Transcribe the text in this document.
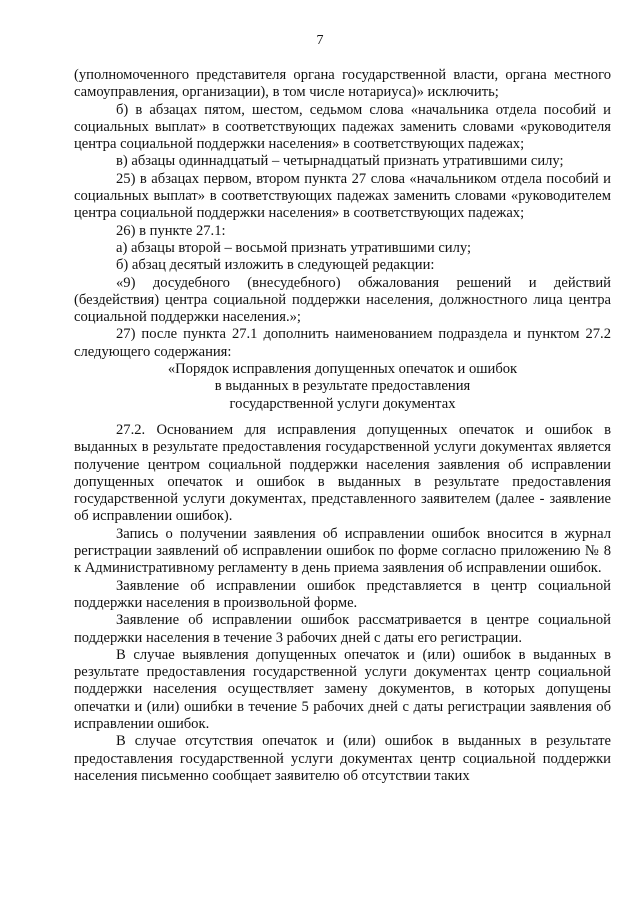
7

(уполномоченного представителя органа государственной власти, органа местного самоуправления, организации), в том числе нотариуса)» исключить;

б) в абзацах пятом, шестом, седьмом слова «начальника отдела пособий и социальных выплат» в соответствующих падежах заменить словами «руководителя центра социальной поддержки населения» в соответствующих падежах;

в) абзацы одиннадцатый – четырнадцатый признать утратившими силу;

25) в абзацах первом, втором пункта 27 слова «начальником отдела пособий и социальных выплат» в соответствующих падежах заменить словами «руководителем центра социальной поддержки населения» в соответствующих падежах;

26) в пункте 27.1:

а) абзацы второй – восьмой признать утратившими силу;

б) абзац десятый изложить в следующей редакции:

«9) досудебного (внесудебного) обжалования решений и действий (бездействия) центра социальной поддержки населения, должностного лица центра социальной поддержки населения.»;

27) после пункта 27.1 дополнить наименованием подраздела и пунктом 27.2 следующего содержания:

«Порядок исправления допущенных опечаток и ошибок

в выданных в результате предоставления

государственной услуги документах

27.2. Основанием для исправления допущенных опечаток и ошибок в выданных в результате предоставления государственной услуги документах является получение центром социальной поддержки населения заявления об исправлении допущенных опечаток и ошибок в выданных в результате предоставления государственной услуги документах, представленного заявителем (далее - заявление об исправлении ошибок).

Запись о получении заявления об исправлении ошибок вносится в журнал регистрации заявлений об исправлении ошибок по форме согласно приложению № 8 к Административному регламенту в день приема заявления об исправлении ошибок.

Заявление об исправлении ошибок представляется в центр социальной поддержки населения в произвольной форме.

Заявление об исправлении ошибок рассматривается в центре социальной поддержки населения в течение 3 рабочих дней с даты его регистрации.

В случае выявления допущенных опечаток и (или) ошибок в выданных в результате предоставления государственной услуги документах центр социальной поддержки населения осуществляет замену документов, в которых допущены опечатки и (или) ошибки в течение 5 рабочих дней с даты регистрации заявления об исправлении ошибок.

В случае отсутствия опечаток и (или) ошибок в выданных в результате предоставления государственной услуги документах центр социальной поддержки населения письменно сообщает заявителю об отсутствии таких
